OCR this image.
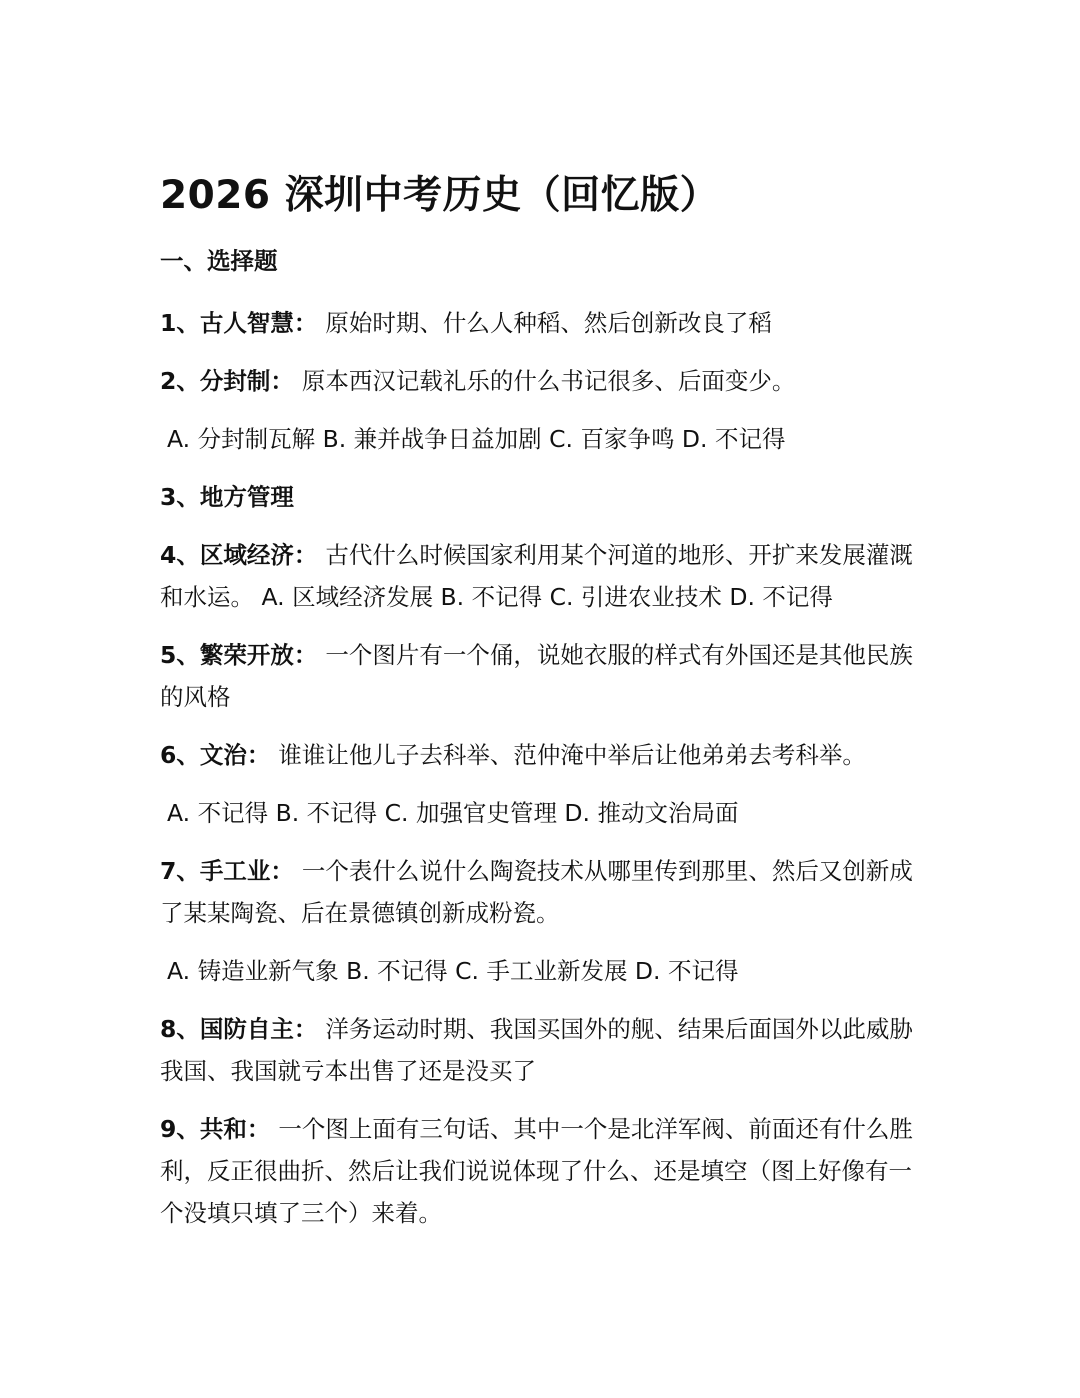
2026 深圳中考历史（回忆版）
一、选择题
1、古人智慧： 原始时期、什么人种稻、然后创新改良了稻
2、分封制： 原本西汉记载礼乐的什么书记很多、后面变少。
A. 分封制瓦解 B. 兼并战争日益加剧 C. 百家争鸣 D. 不记得
3、地方管理
4、区域经济： 古代什么时候国家利用某个河道的地形、开扩来发展灌溉和水运。 A. 区域经济发展 B. 不记得 C. 引进农业技术 D. 不记得
5、繁荣开放： 一个图片有一个俑，说她衣服的样式有外国还是其他民族的风格
6、文治： 谁谁让他儿子去科举、范仲淹中举后让他弟弟去考科举。
A. 不记得 B. 不记得 C. 加强官史管理 D. 推动文治局面
7、手工业： 一个表什么说什么陶瓷技术从哪里传到那里、然后又创新成了某某陶瓷、后在景德镇创新成粉瓷。
A. 铸造业新气象 B. 不记得 C. 手工业新发展 D. 不记得
8、国防自主： 洋务运动时期、我国买国外的舰、结果后面国外以此威胁我国、我国就亏本出售了还是没买了
9、共和： 一个图上面有三句话、其中一个是北洋军阀、前面还有什么胜利，反正很曲折、然后让我们说说体现了什么、还是填空（图上好像有一个没填只填了三个）来着。
